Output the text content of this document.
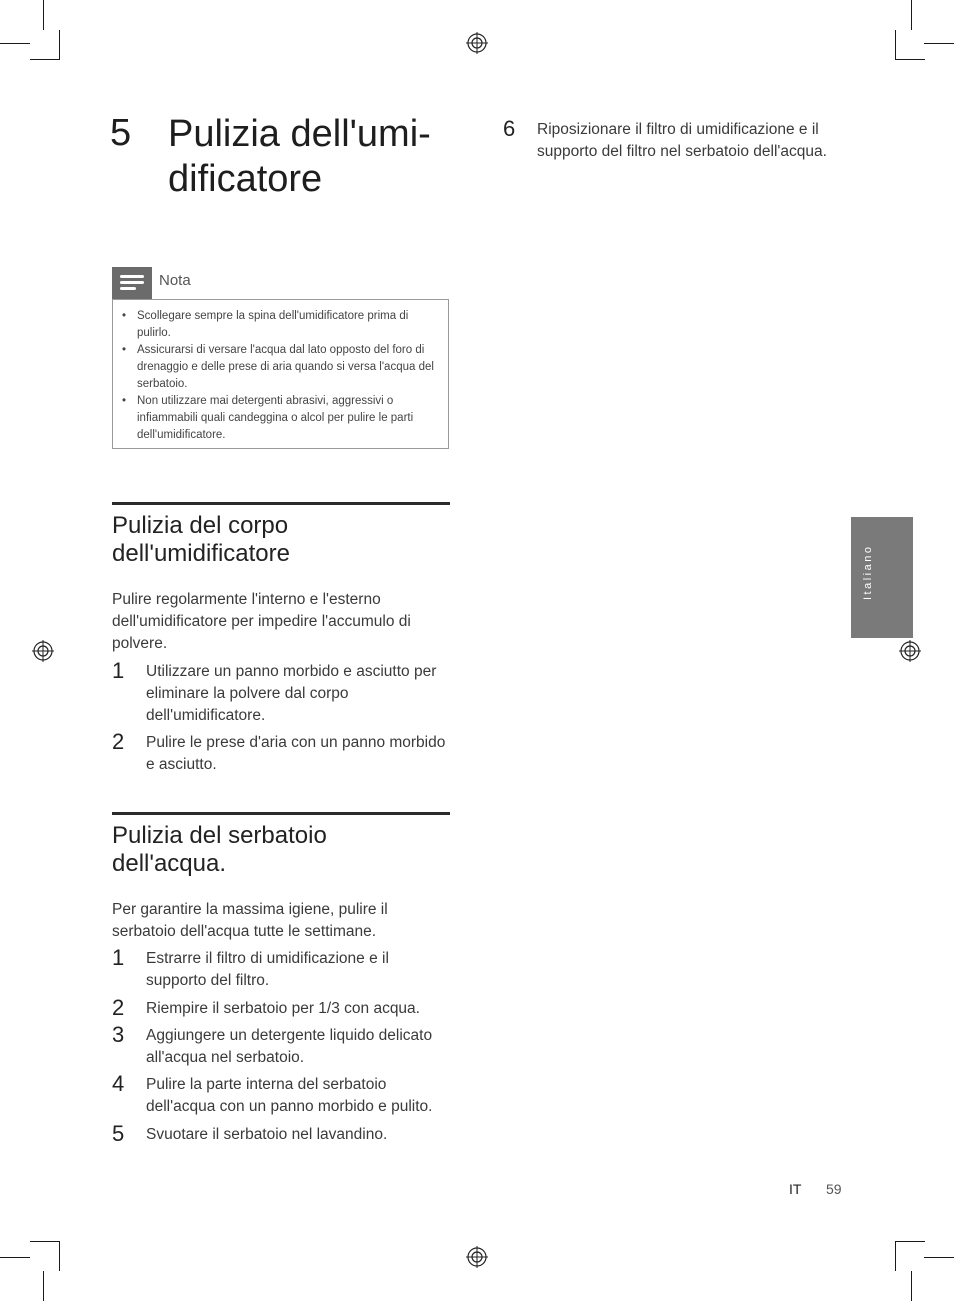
5 Pulizia dell'umi-dificatore
Nota
• Scollegare sempre la spina dell'umidificatore prima di pulirlo.
• Assicurarsi di versare l'acqua dal lato opposto del foro di drenaggio e delle prese di aria quando si versa l'acqua del serbatoio.
• Non utilizzare mai detergenti abrasivi, aggressivi o infiammabili quali candeggina o alcol per pulire le parti dell'umidificatore.
Pulizia del corpo dell'umidificatore
Pulire regolarmente l'interno e l'esterno dell'umidificatore per impedire l'accumulo di polvere.
1 Utilizzare un panno morbido e asciutto per eliminare la polvere dal corpo dell'umidificatore.
2 Pulire le prese d'aria con un panno morbido e asciutto.
Pulizia del serbatoio dell'acqua.
Per garantire la massima igiene, pulire il serbatoio dell'acqua tutte le settimane.
1 Estrarre il filtro di umidificazione e il supporto del filtro.
2 Riempire il serbatoio per 1/3 con acqua.
3 Aggiungere un detergente liquido delicato all'acqua nel serbatoio.
4 Pulire la parte interna del serbatoio dell'acqua con un panno morbido e pulito.
5 Svuotare il serbatoio nel lavandino.
6 Riposizionare il filtro di umidificazione e il supporto del filtro nel serbatoio dell'acqua.
Italiano
IT 59
